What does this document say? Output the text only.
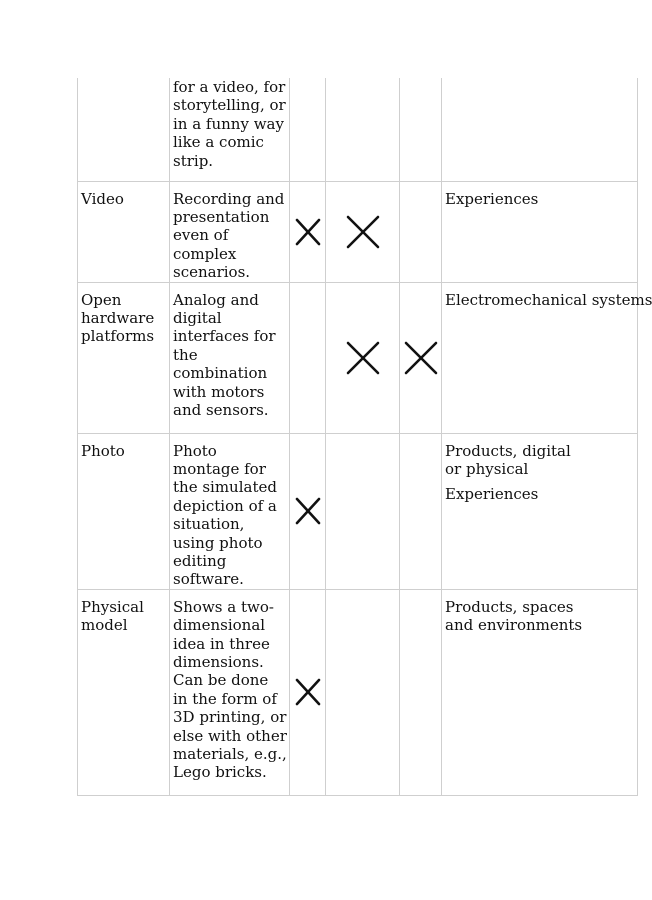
	for a video, for storytelling, or in a funny way like a comic strip.				
Video	Recording and presentation even of complex scenarios.				Experiences

Open hardware platforms	Analog and digital interfaces for the combination with motors and sensors.				Electromechanical systems

Photo	Photo montage for the simulated depiction of a situation, using photo editing software.				Products, digital
or physical
Experiences

Physical model	Shows a two-dimensional idea in three dimensions. Can be done in the form of 3D printing, or else with other materials, e.g., Lego bricks.				Products, spaces
and environments
